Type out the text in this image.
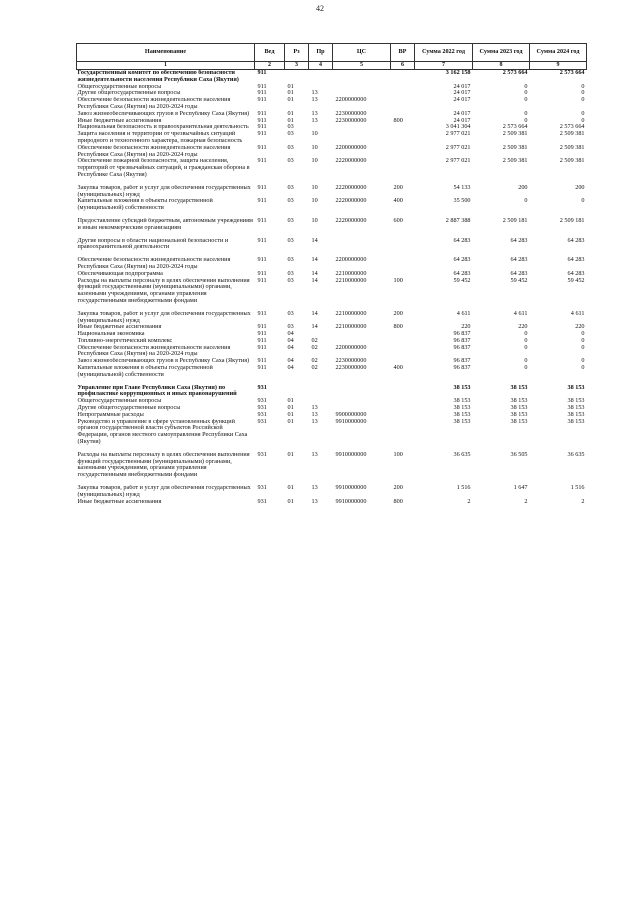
42
Наименование	Вед	Рз	Пр	ЦС	ВР	Сумма 2022 год	Сумма 2023 год	Сумма 2024 год
1	2	3	4	5	6	7	8	9
Государственный комитет по обеспечению безопасности жизнедеятельности населения Республики Саха (Якутия)	911					3 162 158	2 573 664	2 573 664
Общегосударственные вопросы	911	01				24 017	0	0
Другие общегосударственные вопросы	911	01	13			24 017	0	0
Обеспечение безопасности жизнедеятельности населения Республики Саха (Якутия) на 2020-2024 годы	911	01	13	2200000000		24 017	0	0
Завоз жизнеобеспечивающих грузов в Республику Саха (Якутия)	911	01	13	2230000000		24 017	0	0
Иные бюджетные ассигнования	911	01	13	2230000000	800	24 017	0	0
Национальная безопасность и правоохранительная деятельность	911	03				3 041 304	2 573 664	2 573 664
Защита населения и территории от чрезвычайных ситуаций природного и техногенного характера, пожарная безопасность	911	03	10			2 977 021	2 509 381	2 509 381
Обеспечение безопасности жизнедеятельности населения Республики Саха (Якутия) на 2020-2024 годы	911	03	10	2200000000		2 977 021	2 509 381	2 509 381
Обеспечение пожарной безопасности, защита населения, территорий от чрезвычайных ситуаций, и гражданская оборона в Республике Саха (Якутия)	911	03	10	2220000000		2 977 021	2 509 381	2 509 381

Закупка товаров, работ и услуг для обеспечения государственных (муниципальных) нужд	911	03	10	2220000000	200	54 133	200	200
Капитальные вложения в объекты государственной (муниципальной) собственности	911	03	10	2220000000	400	35 500	0	0

Предоставление субсидий бюджетным, автономным учреждениям и иным некоммерческим организациям	911	03	10	2220000000	600	2 887 388	2 509 181	2 509 181

Другие вопросы в области национальной безопасности и правоохранительной деятельности	911	03	14			64 283	64 283	64 283

Обеспечение безопасности жизнедеятельности населения Республики Саха (Якутия) на 2020-2024 годы	911	03	14	2200000000		64 283	64 283	64 283
Обеспечивающая подпрограмма	911	03	14	2210000000		64 283	64 283	64 283
Расходы на выплаты персоналу в целях обеспечения выполнения функций государственными (муниципальными) органами, казенными учреждениями, органами управления государственными внебюджетными фондами	911	03	14	2210000000	100	59 452	59 452	59 452

Закупка товаров, работ и услуг для обеспечения государственных (муниципальных) нужд	911	03	14	2210000000	200	4 611	4 611	4 611
Иные бюджетные ассигнования	911	03	14	2210000000	800	220	220	220
Национальная экономика	911	04				96 837	0	0
Топливно-энергетический комплекс	911	04	02			96 837	0	0
Обеспечение безопасности жизнедеятельности населения Республики Саха (Якутия) на 2020-2024 годы	911	04	02	2200000000		96 837	0	0
Завоз жизнеобеспечивающих грузов в Республику Саха (Якутия)	911	04	02	2230000000		96 837	0	0
Капитальные вложения в объекты государственной (муниципальной) собственности	911	04	02	2230000000	400	96 837	0	0

Управление при Главе Республики Саха (Якутия) по профилактике коррупционных и иных правонарушений	931					38 153	38 153	38 153
Общегосударственные вопросы	931	01				38 153	38 153	38 153
Другие общегосударственные вопросы	931	01	13			38 153	38 153	38 153
Непрограммные расходы	931	01	13	9900000000		38 153	38 153	38 153
Руководство и управление в сфере установленных функций органов государственной власти субъектов Российской Федерации, органов местного самоуправления Республики Саха (Якутия)	931	01	13	9910000000		38 153	38 153	38 153

Расходы на выплаты персоналу в целях обеспечения выполнения функций государственными (муниципальными) органами, казенными учреждениями, органами управления государственными внебюджетными фондами	931	01	13	9910000000	100	36 635	36 505	36 635

Закупка товаров, работ и услуг для обеспечения государственных (муниципальных) нужд	931	01	13	9910000000	200	1 516	1 647	1 516
Иные бюджетные ассигнования	931	01	13	9910000000	800	2	2	2
